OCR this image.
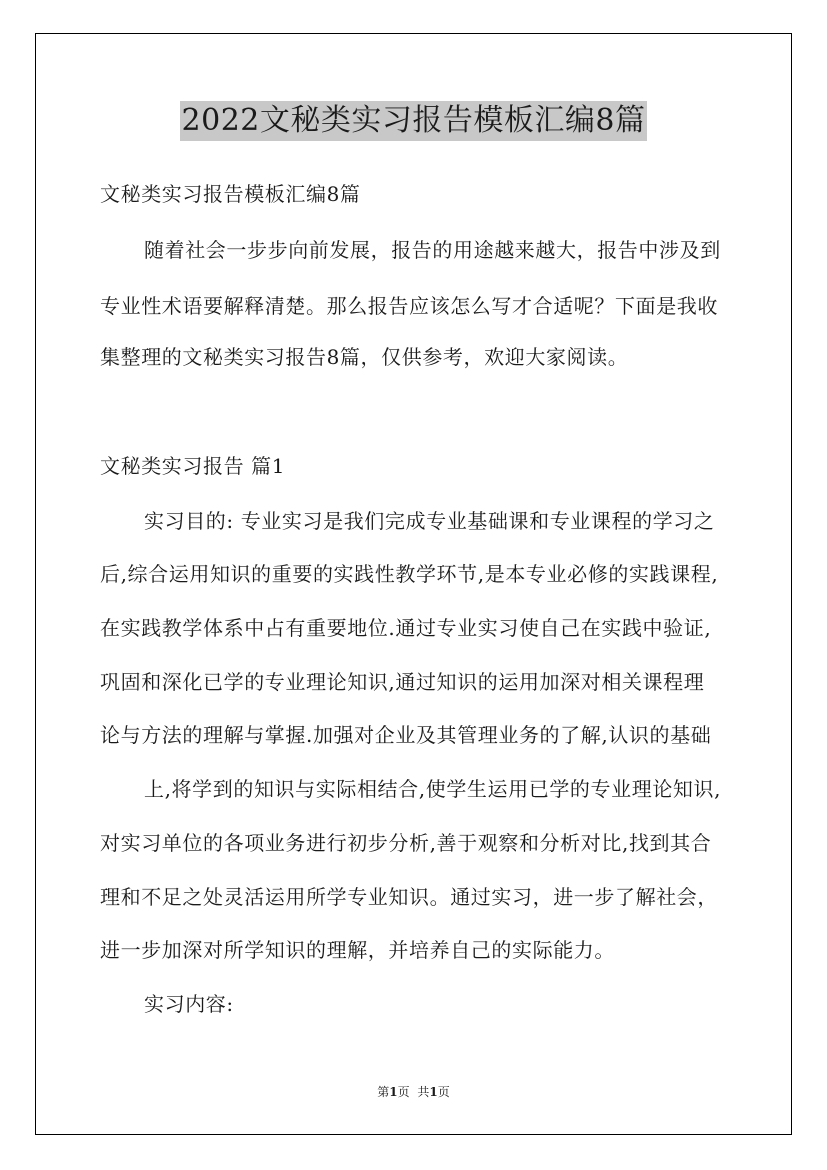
2022文秘类实习报告模板汇编8篇
文秘类实习报告模板汇编8篇
随着社会一步步向前发展，报告的用途越来越大，报告中涉及到
专业性术语要解释清楚。那么报告应该怎么写才合适呢？下面是我收
集整理的文秘类实习报告8篇，仅供参考，欢迎大家阅读。
文秘类实习报告 篇1
实习目的: 专业实习是我们完成专业基础课和专业课程的学习之
后,综合运用知识的重要的实践性教学环节,是本专业必修的实践课程,
在实践教学体系中占有重要地位.通过专业实习使自己在实践中验证,
巩固和深化已学的专业理论知识,通过知识的运用加深对相关课程理
论与方法的理解与掌握.加强对企业及其管理业务的了解,认识的基础
上,将学到的知识与实际相结合,使学生运用已学的专业理论知识,
对实习单位的各项业务进行初步分析,善于观察和分析对比,找到其合
理和不足之处灵活运用所学专业知识。通过实习，进一步了解社会，
进一步加深对所学知识的理解，并培养自己的实际能力。
实习内容:
第1页 共1页
